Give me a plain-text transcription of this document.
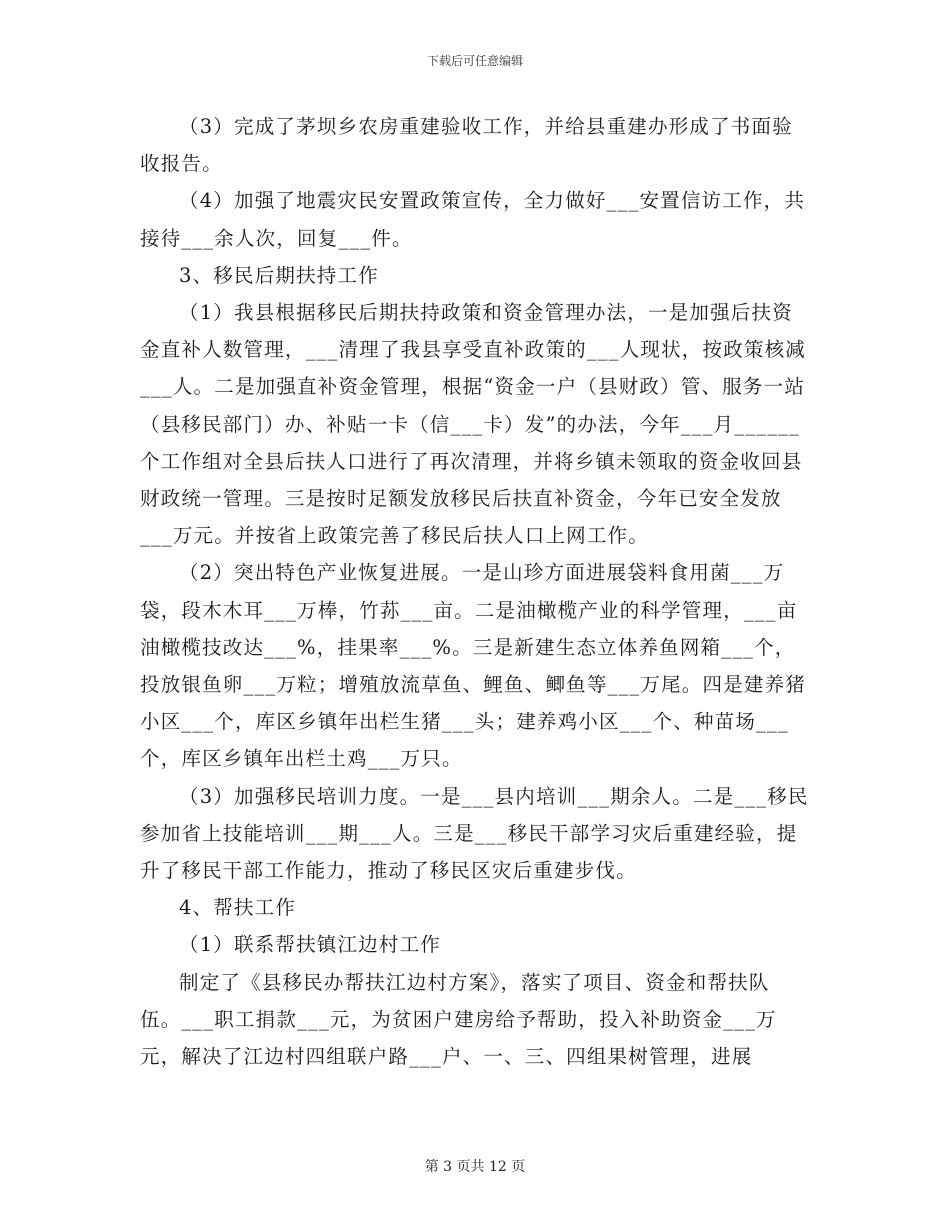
下载后可任意编辑

（3）完成了茅坝乡农房重建验收工作，并给县重建办形成了书面验收报告。

（4）加强了地震灾民安置政策宣传，全力做好___安置信访工作，共接待___余人次，回复___件。

3、移民后期扶持工作

（1）我县根据移民后期扶持政策和资金管理办法，一是加强后扶资金直补人数管理，___清理了我县享受直补政策的___人现状，按政策核减___人。二是加强直补资金管理，根据“资金一户（县财政）管、服务一站（县移民部门）办、补贴一卡（信___卡）发”的办法，今年___月______个工作组对全县后扶人口进行了再次清理，并将乡镇未领取的资金收回县财政统一管理。三是按时足额发放移民后扶直补资金，今年已安全发放___万元。并按省上政策完善了移民后扶人口上网工作。

（2）突出特色产业恢复进展。一是山珍方面进展袋料食用菌___万袋，段木木耳___万棒，竹荪___亩。二是油橄榄产业的科学管理，___亩油橄榄技改达___%，挂果率___%。三是新建生态立体养鱼网箱___个，投放银鱼卵___万粒；增殖放流草鱼、鲤鱼、鲫鱼等___万尾。四是建养猪小区___个，库区乡镇年出栏生猪___头；建养鸡小区___个、种苗场___个，库区乡镇年出栏土鸡___万只。

（3）加强移民培训力度。一是___县内培训___期余人。二是___移民参加省上技能培训___期___人。三是___移民干部学习灾后重建经验，提升了移民干部工作能力，推动了移民区灾后重建步伐。

4、帮扶工作

（1）联系帮扶镇江边村工作

制定了《县移民办帮扶江边村方案》，落实了项目、资金和帮扶队伍。___职工捐款___元，为贫困户建房给予帮助，投入补助资金___万元，解决了江边村四组联户路___户、一、三、四组果树管理，进展

第 3 页共 12 页
